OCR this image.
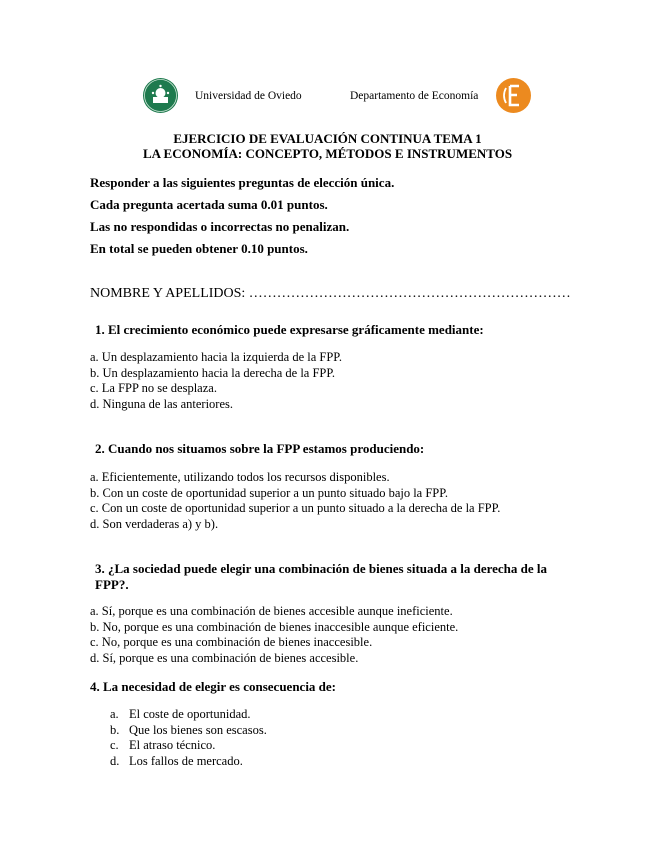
Universidad de Oviedo	Departamento de Economía
EJERCICIO DE EVALUACIÓN CONTINUA TEMA 1
LA ECONOMÍA: CONCEPTO, MÉTODOS E INSTRUMENTOS
Responder a las siguientes preguntas de elección única.
Cada pregunta acertada suma 0.01 puntos.
Las no respondidas o incorrectas no penalizan.
En total se pueden obtener 0.10 puntos.
NOMBRE Y APELLIDOS: ……………………………………………………………
1. El crecimiento económico puede expresarse gráficamente mediante:
a. Un desplazamiento hacia la izquierda de la FPP.
b. Un desplazamiento hacia la derecha de la FPP.
c. La FPP no se desplaza.
d. Ninguna de las anteriores.
2. Cuando nos situamos sobre la FPP estamos produciendo:
a. Eficientemente, utilizando todos los recursos disponibles.
b. Con un coste de oportunidad superior a un punto situado bajo la FPP.
c. Con un coste de oportunidad superior a un punto situado a la derecha de la FPP.
d. Son verdaderas a) y b).
3. ¿La sociedad puede elegir una combinación de bienes situada a la derecha de la
FPP?.
a. Sí, porque es una combinación de bienes accesible aunque ineficiente.
b. No, porque es una combinación de bienes inaccesible aunque eficiente.
c. No, porque es una combinación de bienes inaccesible.
d. Sí, porque es una combinación de bienes accesible.
4. La necesidad de elegir es consecuencia de:
a. El coste de oportunidad.
b. Que los bienes son escasos.
c. El atraso técnico.
d. Los fallos de mercado.
